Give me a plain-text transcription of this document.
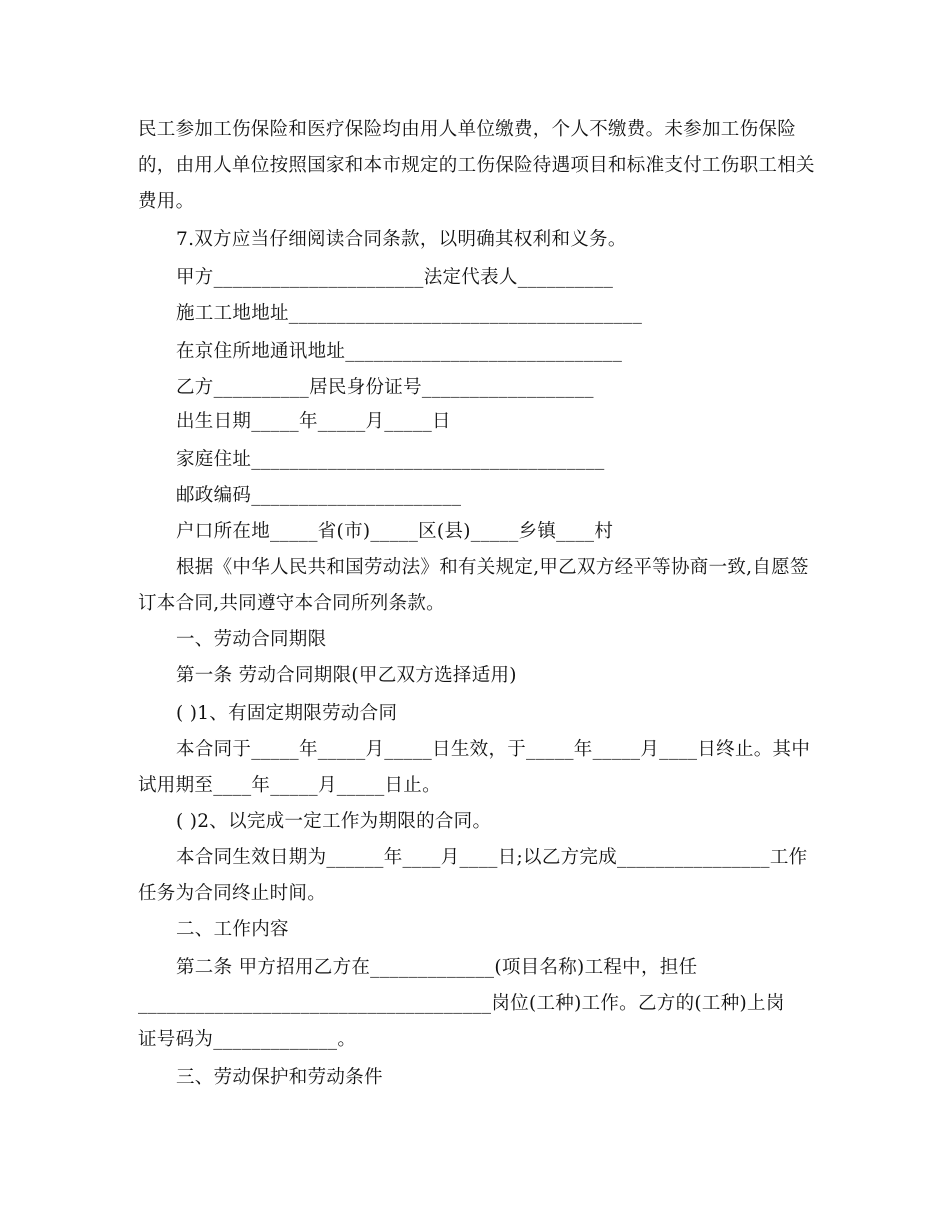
民工参加工伤保险和医疗保险均由用人单位缴费，个人不缴费。未参加工伤保险
的，由用人单位按照国家和本市规定的工伤保险待遇项目和标准支付工伤职工相关
费用。
7.双方应当仔细阅读合同条款，以明确其权利和义务。
甲方______________________法定代表人__________
施工工地地址_____________________________________
在京住所地通讯地址_____________________________
乙方__________居民身份证号__________________
出生日期_____年_____月_____日
家庭住址_____________________________________
邮政编码______________________
户口所在地_____省(市)_____区(县)_____乡镇____村
根据《中华人民共和国劳动法》和有关规定,甲乙双方经平等协商一致,自愿签
订本合同,共同遵守本合同所列条款。
一、劳动合同期限
第一条 劳动合同期限(甲乙双方选择适用)
( )1、有固定期限劳动合同
本合同于_____年_____月_____日生效，于_____年_____月____日终止。其中
试用期至____年_____月_____日止。
( )2、以完成一定工作为期限的合同。
本合同生效日期为______年____月____日;以乙方完成________________工作
任务为合同终止时间。
二、工作内容
第二条 甲方招用乙方在_____________(项目名称)工程中，担任
_____________________________________岗位(工种)工作。乙方的(工种)上岗
证号码为_____________。
三、劳动保护和劳动条件
